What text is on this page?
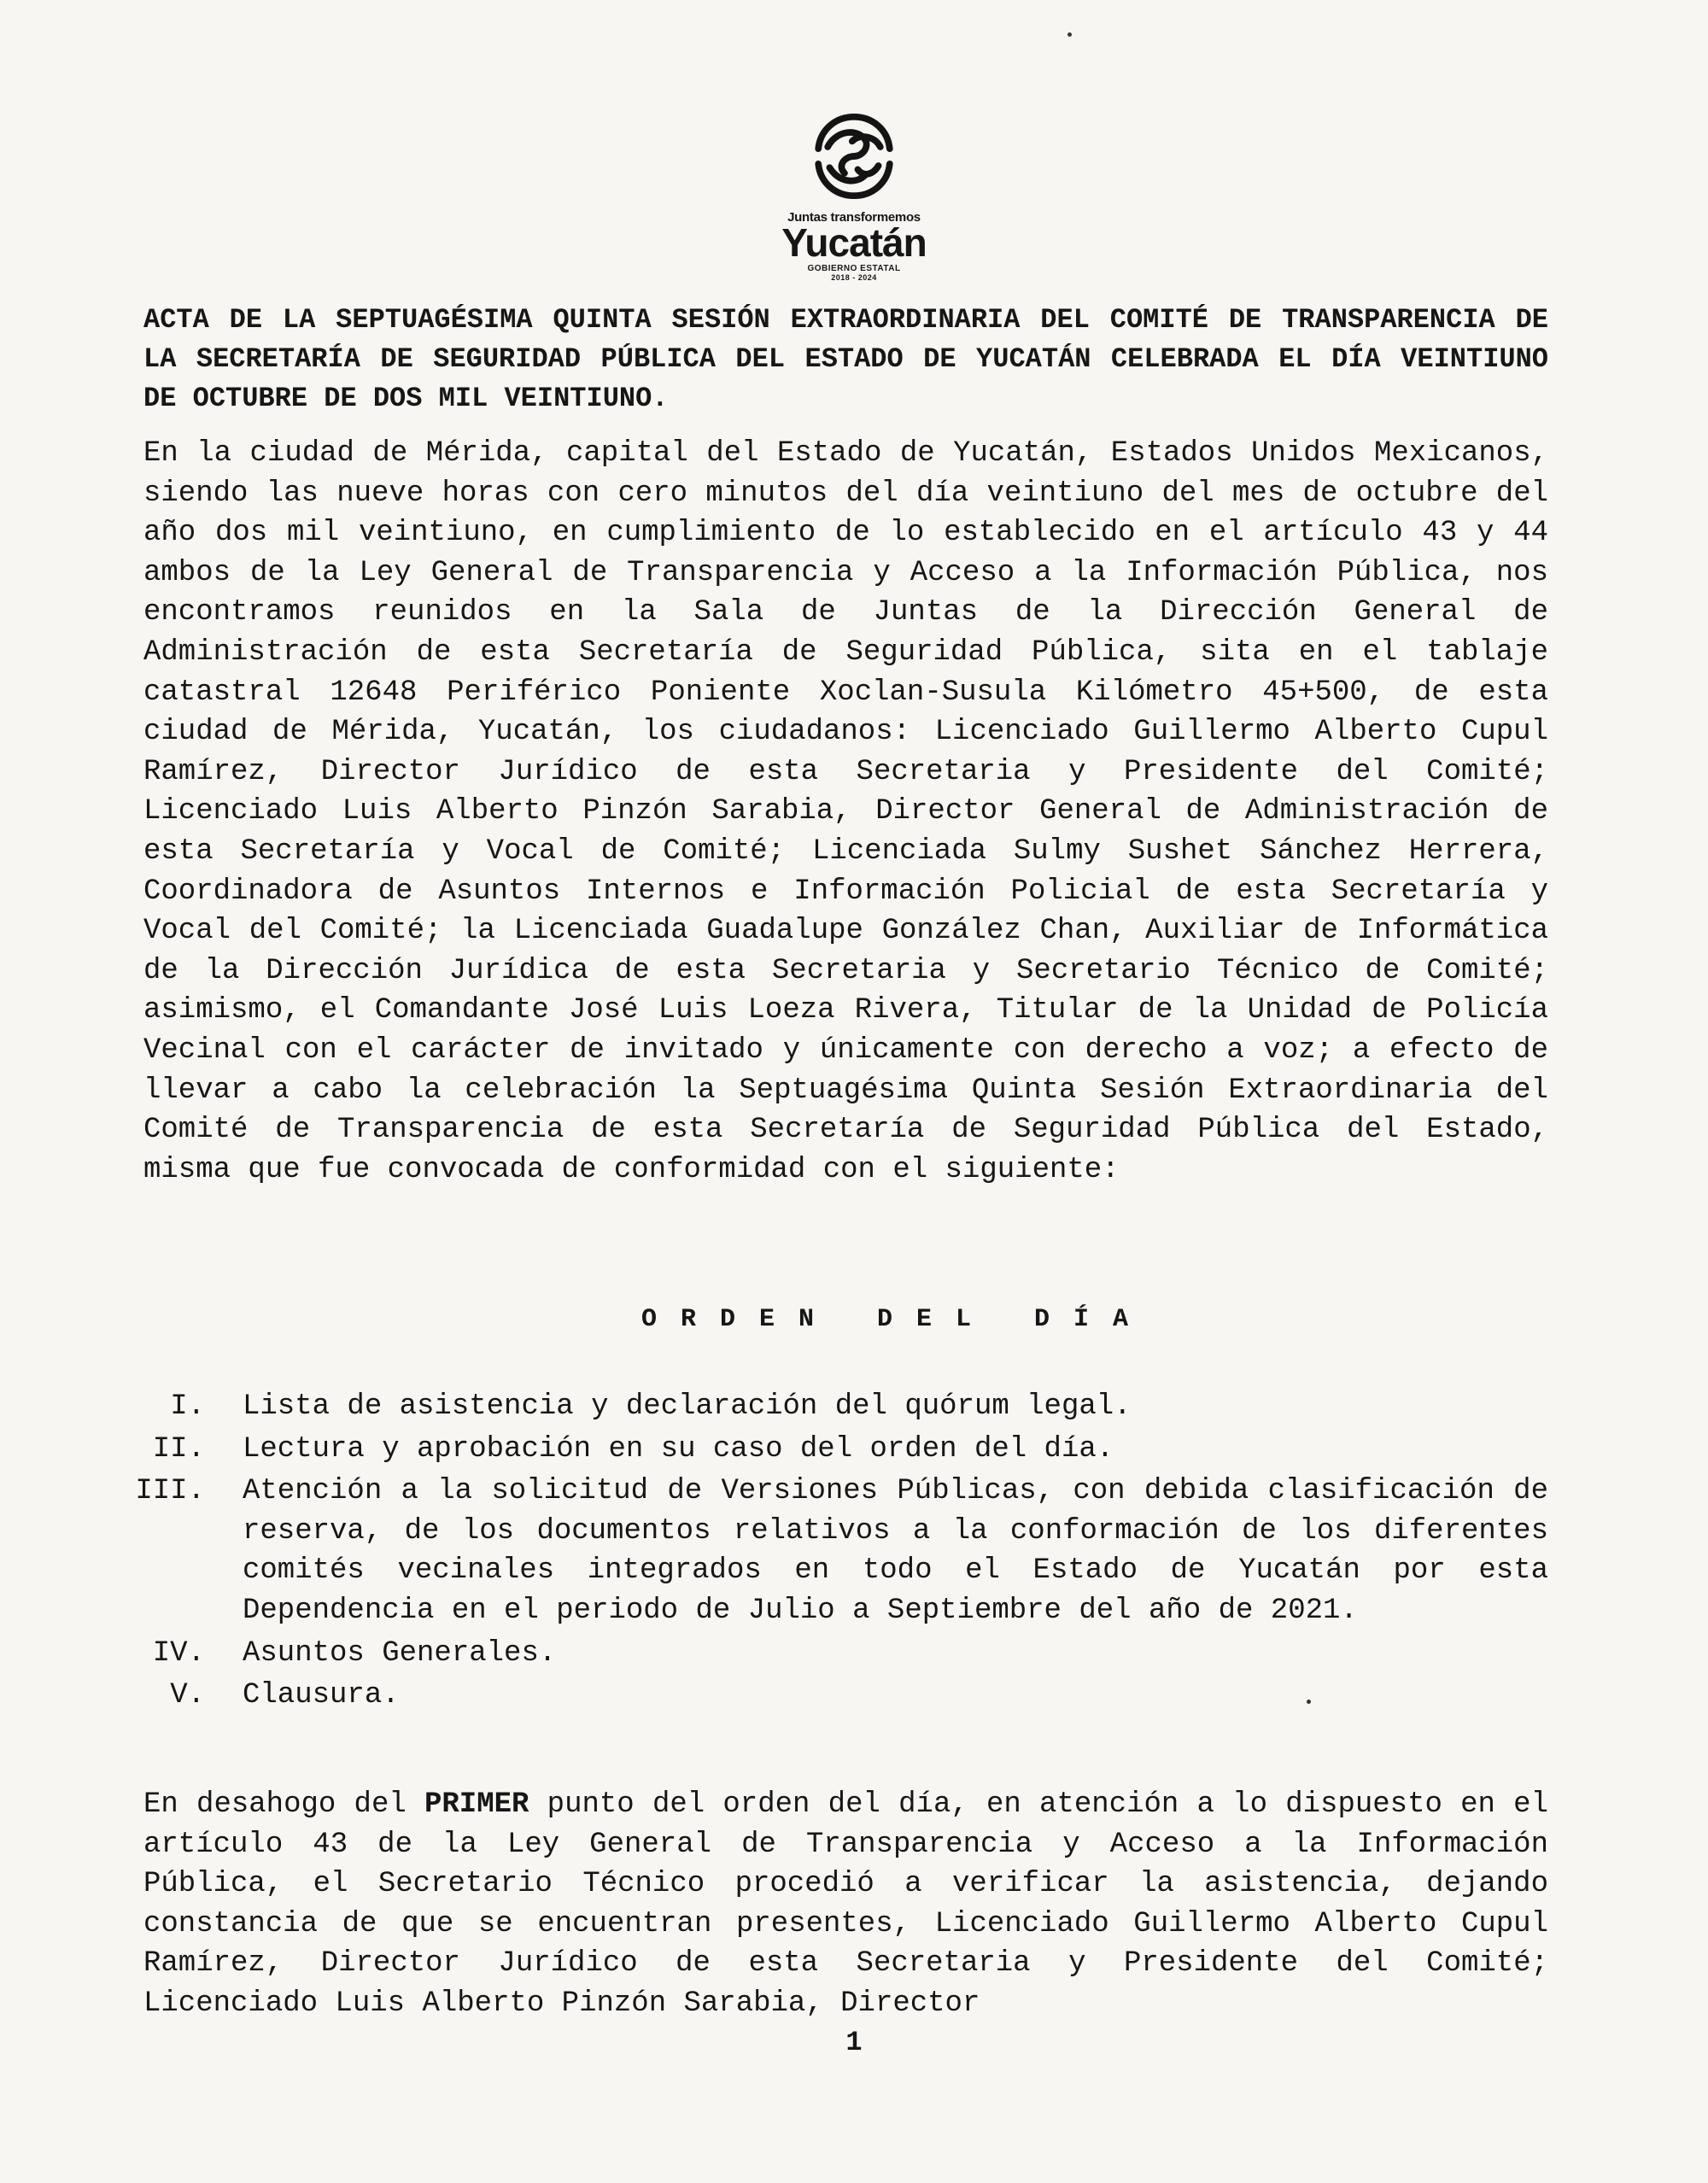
Juntas transformemos
Yucatán
GOBIERNO ESTATAL
2018 - 2024
ACTA DE LA SEPTUAGÉSIMA QUINTA SESIÓN EXTRAORDINARIA DEL COMITÉ DE TRANSPARENCIA DE LA SECRETARÍA DE SEGURIDAD PÚBLICA DEL ESTADO DE YUCATÁN CELEBRADA EL DÍA VEINTIUNO DE OCTUBRE DE DOS MIL VEINTIUNO.
En la ciudad de Mérida, capital del Estado de Yucatán, Estados Unidos Mexicanos, siendo las nueve horas con cero minutos del día veintiuno del mes de octubre del año dos mil veintiuno, en cumplimiento de lo establecido en el artículo 43 y 44 ambos de la Ley General de Transparencia y Acceso a la Información Pública, nos encontramos reunidos en la Sala de Juntas de la Dirección General de Administración de esta Secretaría de Seguridad Pública, sita en el tablaje catastral 12648 Periférico Poniente Xoclan-Susula Kilómetro 45+500, de esta ciudad de Mérida, Yucatán, los ciudadanos: Licenciado Guillermo Alberto Cupul Ramírez, Director Jurídico de esta Secretaria y Presidente del Comité; Licenciado Luis Alberto Pinzón Sarabia, Director General de Administración de esta Secretaría y Vocal de Comité; Licenciada Sulmy Sushet Sánchez Herrera, Coordinadora de Asuntos Internos e Información Policial de esta Secretaría y Vocal del Comité; la Licenciada Guadalupe González Chan, Auxiliar de Informática de la Dirección Jurídica de esta Secretaria y Secretario Técnico de Comité; asimismo, el Comandante José Luis Loeza Rivera, Titular de la Unidad de Policía Vecinal con el carácter de invitado y únicamente con derecho a voz; a efecto de llevar a cabo la celebración la Septuagésima Quinta Sesión Extraordinaria del Comité de Transparencia de esta Secretaría de Seguridad Pública del Estado, misma que fue convocada de conformidad con el siguiente:
ORDEN DEL DÍA
I.	Lista de asistencia y declaración del quórum legal.
II.	Lectura y aprobación en su caso del orden del día.
III.	Atención a la solicitud de Versiones Públicas, con debida clasificación de reserva, de los documentos relativos a la conformación de los diferentes comités vecinales integrados en todo el Estado de Yucatán por esta Dependencia en el periodo de Julio a Septiembre del año de 2021.
IV.	Asuntos Generales.
V.	Clausura.
En desahogo del PRIMER punto del orden del día, en atención a lo dispuesto en el artículo 43 de la Ley General de Transparencia y Acceso a la Información Pública, el Secretario Técnico procedió a verificar la asistencia, dejando constancia de que se encuentran presentes, Licenciado Guillermo Alberto Cupul Ramírez, Director Jurídico de esta Secretaria y Presidente del Comité; Licenciado Luis Alberto Pinzón Sarabia, Director
1
